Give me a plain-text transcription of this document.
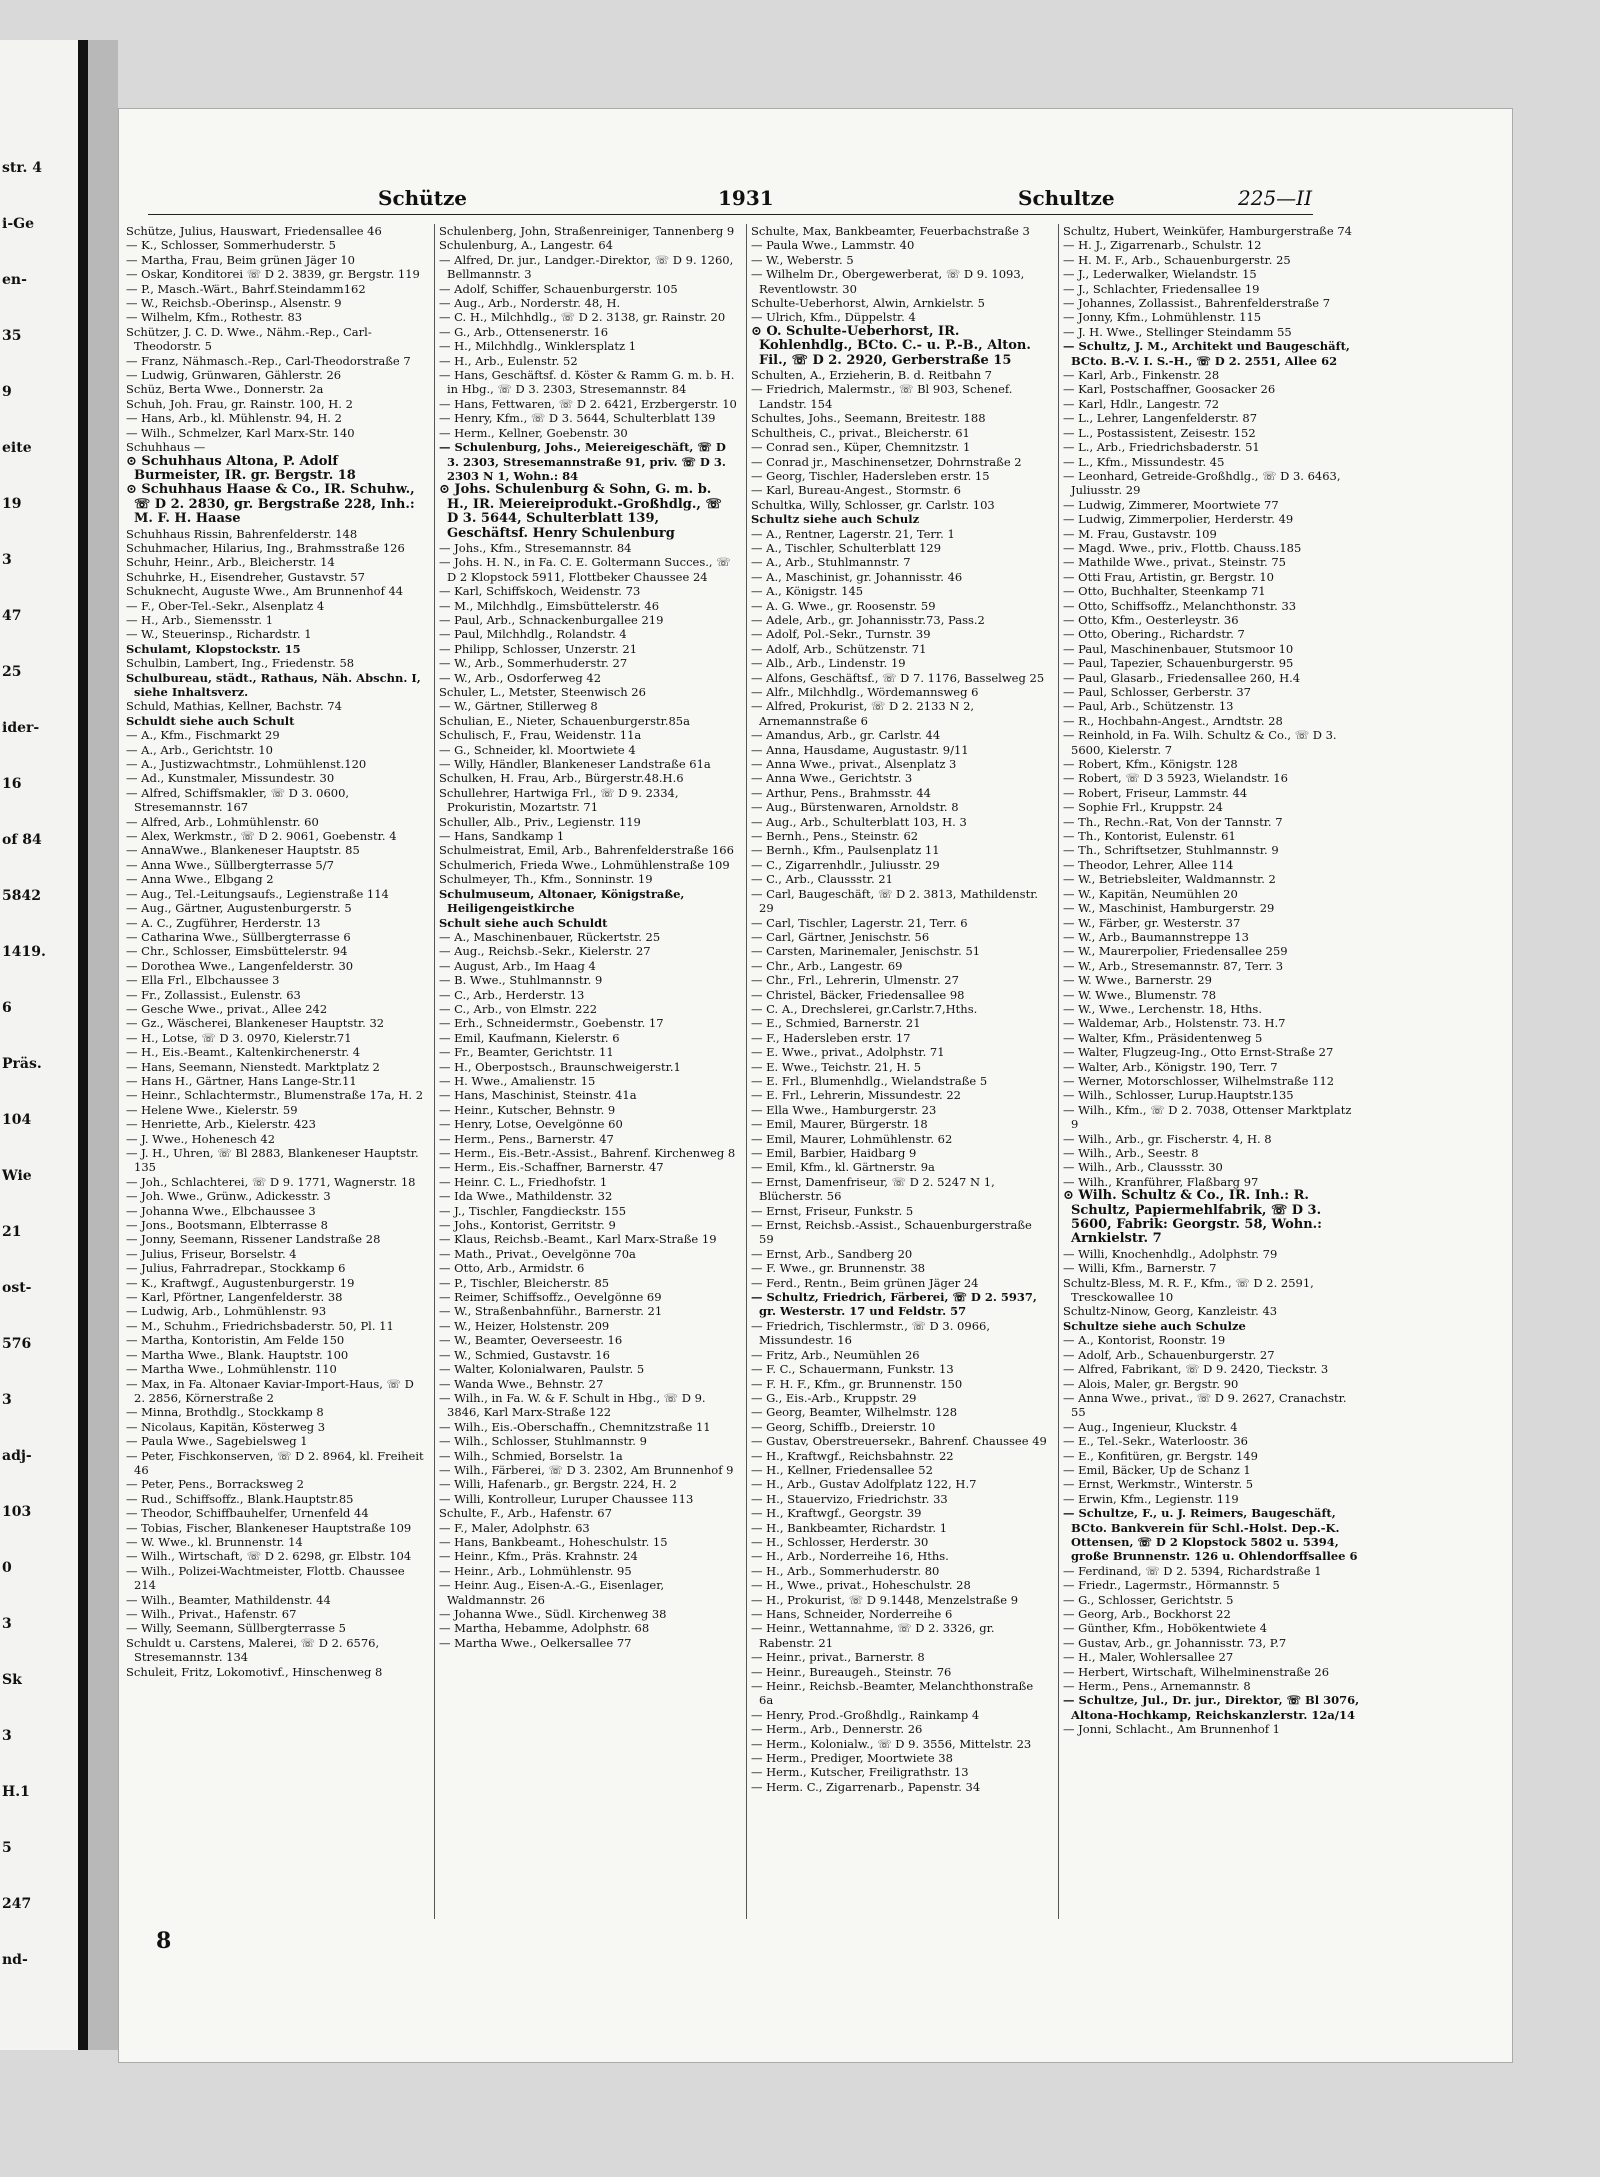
str. 4
i-Ge
en-
35
9
eite
19
3
47
25
ider-
16
of 84
5842
1419.
6
Präs.
104
Wie
21
ost-
576
3
adj-
103
0
3
Sk
3
H.1
5
247
nd-
Schütze	1931	Schultze	225—II

Schütze, Julius, Hauswart, Friedensallee 46

— K., Schlosser, Sommerhuderstr. 5

— Martha, Frau, Beim grünen Jäger 10

— Oskar, Konditorei ☏ D 2. 3839, gr. Bergstr. 119

— P., Masch.-Wärt., Bahrf.Steindamm162

— W., Reichsb.-Oberinsp., Alsenstr. 9

— Wilhelm, Kfm., Rothestr. 83

Schützer, J. C. D. Wwe., Nähm.-Rep., Carl-Theodorstr. 5

— Franz, Nähmasch.-Rep., Carl-Theodorstraße 7

— Ludwig, Grünwaren, Gählerstr. 26

Schüz, Berta Wwe., Donnerstr. 2a

Schuh, Joh. Frau, gr. Rainstr. 100, H. 2

— Hans, Arb., kl. Mühlenstr. 94, H. 2

— Wilh., Schmelzer, Karl Marx-Str. 140

Schuhhaus —

⊙ Schuhhaus Altona, P. Adolf Burmeister, IR. gr. Bergstr. 18

⊙ Schuhhaus Haase & Co., IR. Schuhw., ☏ D 2. 2830, gr. Bergstraße 228, Inh.: M. F. H. Haase

Schuhhaus Rissin, Bahrenfelderstr. 148

Schuhmacher, Hilarius, Ing., Brahmsstraße 126

Schuhr, Heinr., Arb., Bleicherstr. 14

Schuhrke, H., Eisendreher, Gustavstr. 57

Schuknecht, Auguste Wwe., Am Brunnenhof 44

— F., Ober-Tel.-Sekr., Alsenplatz 4

— H., Arb., Siemensstr. 1

— W., Steuerinsp., Richardstr. 1

Schulamt, Klopstockstr. 15

Schulbin, Lambert, Ing., Friedenstr. 58

Schulbureau, städt., Rathaus, Näh. Abschn. I, siehe Inhaltsverz.

Schuld, Mathias, Kellner, Bachstr. 74

Schuldt siehe auch Schult

— A., Kfm., Fischmarkt 29

— A., Arb., Gerichtstr. 10

— A., Justizwachtmstr., Lohmühlenst.120

— Ad., Kunstmaler, Missundestr. 30

— Alfred, Schiffsmakler, ☏ D 3. 0600, Stresemannstr. 167

— Alfred, Arb., Lohmühlenstr. 60

— Alex, Werkmstr., ☏ D 2. 9061, Goebenstr. 4

— AnnaWwe., Blankeneser Hauptstr. 85

— Anna Wwe., Süllbergterrasse 5/7

— Anna Wwe., Elbgang 2

— Aug., Tel.-Leitungsaufs., Legienstraße 114

— Aug., Gärtner, Augustenburgerstr. 5

— A. C., Zugführer, Herderstr. 13

— Catharina Wwe., Süllbergterrasse 6

— Chr., Schlosser, Eimsbüttelerstr. 94

— Dorothea Wwe., Langenfelderstr. 30

— Ella Frl., Elbchaussee 3

— Fr., Zollassist., Eulenstr. 63

— Gesche Wwe., privat., Allee 242

— Gz., Wäscherei, Blankeneser Hauptstr. 32

— H., Lotse, ☏ D 3. 0970, Kielerstr.71

— H., Eis.-Beamt., Kaltenkirchenerstr. 4

— Hans, Seemann, Nienstedt. Marktplatz 2

— Hans H., Gärtner, Hans Lange-Str.11

— Heinr., Schlachtermstr., Blumenstraße 17a, H. 2

— Helene Wwe., Kielerstr. 59

— Henriette, Arb., Kielerstr. 423

— J. Wwe., Hohenesch 42

— J. H., Uhren, ☏ Bl 2883, Blankeneser Hauptstr. 135

— Joh., Schlachterei, ☏ D 9. 1771, Wagnerstr. 18

— Joh. Wwe., Grünw., Adickesstr. 3

— Johanna Wwe., Elbchaussee 3

— Jons., Bootsmann, Elbterrasse 8

— Jonny, Seemann, Rissener Landstraße 28

— Julius, Friseur, Borselstr. 4

— Julius, Fahrradrepar., Stockkamp 6

— K., Kraftwgf., Augustenburgerstr. 19

— Karl, Pförtner, Langenfelderstr. 38

— Ludwig, Arb., Lohmühlenstr. 93

— M., Schuhm., Friedrichsbaderstr. 50, Pl. 11

— Martha, Kontoristin, Am Felde 150

— Martha Wwe., Blank. Hauptstr. 100

— Martha Wwe., Lohmühlenstr. 110

— Max, in Fa. Altonaer Kaviar-Import-Haus, ☏ D 2. 2856, Körnerstraße 2

— Minna, Brothdlg., Stockkamp 8

— Nicolaus, Kapitän, Kösterweg 3

— Paula Wwe., Sagebielsweg 1

— Peter, Fischkonserven, ☏ D 2. 8964, kl. Freiheit 46

— Peter, Pens., Borracksweg 2

— Rud., Schiffsoffz., Blank.Hauptstr.85

— Theodor, Schiffbauhelfer, Urnenfeld 44

— Tobias, Fischer, Blankeneser Hauptstraße 109

— W. Wwe., kl. Brunnenstr. 14

— Wilh., Wirtschaft, ☏ D 2. 6298, gr. Elbstr. 104

— Wilh., Polizei-Wachtmeister, Flottb. Chaussee 214

— Wilh., Beamter, Mathildenstr. 44

— Wilh., Privat., Hafenstr. 67

— Willy, Seemann, Süllbergterrasse 5

Schuldt u. Carstens, Malerei, ☏ D 2. 6576, Stresemannstr. 134

Schuleit, Fritz, Lokomotivf., Hinschenweg 8

Schulenberg, John, Straßenreiniger, Tannenberg 9

Schulenburg, A., Langestr. 64

— Alfred, Dr. jur., Landger.-Direktor, ☏ D 9. 1260, Bellmannstr. 3

— Adolf, Schiffer, Schauenburgerstr. 105

— Aug., Arb., Norderstr. 48, H.

— C. H., Milchhdlg., ☏ D 2. 3138, gr. Rainstr. 20

— G., Arb., Ottensenerstr. 16

— H., Milchhdlg., Winklersplatz 1

— H., Arb., Eulenstr. 52

— Hans, Geschäftsf. d. Köster & Ramm G. m. b. H. in Hbg., ☏ D 3. 2303, Stresemannstr. 84

— Hans, Fettwaren, ☏ D 2. 6421, Erzbergerstr. 10

— Henry, Kfm., ☏ D 3. 5644, Schulterblatt 139

— Herm., Kellner, Goebenstr. 30

— Schulenburg, Johs., Meiereigeschäft, ☏ D 3. 2303, Stresemannstraße 91, priv. ☏ D 3. 2303 N 1, Wohn.: 84

⊙ Johs. Schulenburg & Sohn, G. m. b. H., IR. Meiereiprodukt.-Großhdlg., ☏ D 3. 5644, Schulterblatt 139, Geschäftsf. Henry Schulenburg

— Johs., Kfm., Stresemannstr. 84

— Johs. H. N., in Fa. C. E. Goltermann Succes., ☏ D 2 Klopstock 5911, Flottbeker Chaussee 24

— Karl, Schiffskoch, Weidenstr. 73

— M., Milchhdlg., Eimsbüttelerstr. 46

— Paul, Arb., Schnackenburgallee 219

— Paul, Milchhdlg., Rolandstr. 4

— Philipp, Schlosser, Unzerstr. 21

— W., Arb., Sommerhuderstr. 27

— W., Arb., Osdorferweg 42

Schuler, L., Metster, Steenwisch 26

— W., Gärtner, Stillerweg 8

Schulian, E., Nieter, Schauenburgerstr.85a

Schulisch, F., Frau, Weidenstr. 11a

— G., Schneider, kl. Moortwiete 4

— Willy, Händler, Blankeneser Landstraße 61a

Schulken, H. Frau, Arb., Bürgerstr.48.H.6

Schullehrer, Hartwiga Frl., ☏ D 9. 2334, Prokuristin, Mozartstr. 71

Schuller, Alb., Priv., Legienstr. 119

— Hans, Sandkamp 1

Schulmeistrat, Emil, Arb., Bahrenfelderstraße 166

Schulmerich, Frieda Wwe., Lohmühlenstraße 109

Schulmeyer, Th., Kfm., Sonninstr. 19

Schulmuseum, Altonaer, Königstraße, Heiligengeistkirche

Schult siehe auch Schuldt

— A., Maschinenbauer, Rückertstr. 25

— Aug., Reichsb.-Sekr., Kielerstr. 27

— August, Arb., Im Haag 4

— B. Wwe., Stuhlmannstr. 9

— C., Arb., Herderstr. 13

— C., Arb., von Elmstr. 222

— Erh., Schneidermstr., Goebenstr. 17

— Emil, Kaufmann, Kielerstr. 6

— Fr., Beamter, Gerichtstr. 11

— H., Oberpostsch., Braunschweigerstr.1

— H. Wwe., Amalienstr. 15

— Hans, Maschinist, Steinstr. 41a

— Heinr., Kutscher, Behnstr. 9

— Henry, Lotse, Oevelgönne 60

— Herm., Pens., Barnerstr. 47

— Herm., Eis.-Betr.-Assist., Bahrenf. Kirchenweg 8

— Herm., Eis.-Schaffner, Barnerstr. 47

— Heinr. C. L., Friedhofstr. 1

— Ida Wwe., Mathildenstr. 32

— J., Tischler, Fangdieckstr. 155

— Johs., Kontorist, Gerritstr. 9

— Klaus, Reichsb.-Beamt., Karl Marx-Straße 19

— Math., Privat., Oevelgönne 70a

— Otto, Arb., Armidstr. 6

— P., Tischler, Bleicherstr. 85

— Reimer, Schiffsoffz., Oevelgönne 69

— W., Straßenbahnführ., Barnerstr. 21

— W., Heizer, Holstenstr. 209

— W., Beamter, Oeverseestr. 16

— W., Schmied, Gustavstr. 16

— Walter, Kolonialwaren, Paulstr. 5

— Wanda Wwe., Behnstr. 27

— Wilh., in Fa. W. & F. Schult in Hbg., ☏ D 9. 3846, Karl Marx-Straße 122

— Wilh., Eis.-Oberschaffn., Chemnitzstraße 11

— Wilh., Schlosser, Stuhlmannstr. 9

— Wilh., Schmied, Borselstr. 1a

— Wilh., Färberei, ☏ D 3. 2302, Am Brunnenhof 9

— Willi, Hafenarb., gr. Bergstr. 224, H. 2

— Willi, Kontrolleur, Luruper Chaussee 113

Schulte, F., Arb., Hafenstr. 67

— F., Maler, Adolphstr. 63

— Hans, Bankbeamt., Hoheschulstr. 15

— Heinr., Kfm., Präs. Krahnstr. 24

— Heinr., Arb., Lohmühlenstr. 95

— Heinr. Aug., Eisen-A.-G., Eisenlager, Waldmannstr. 26

— Johanna Wwe., Südl. Kirchenweg 38

— Martha, Hebamme, Adolphstr. 68

— Martha Wwe., Oelkersallee 77

Schulte, Max, Bankbeamter, Feuerbachstraße 3

— Paula Wwe., Lammstr. 40

— W., Weberstr. 5

— Wilhelm Dr., Obergewerberat, ☏ D 9. 1093, Reventlowstr. 30

Schulte-Ueberhorst, Alwin, Arnkielstr. 5

— Ulrich, Kfm., Düppelstr. 4

⊙ O. Schulte-Ueberhorst, IR. Kohlenhdlg., BCto. C.- u. P.-B., Alton. Fil., ☏ D 2. 2920, Gerberstraße 15

Schulten, A., Erzieherin, B. d. Reitbahn 7

— Friedrich, Malermstr., ☏ Bl 903, Schenef. Landstr. 154

Schultes, Johs., Seemann, Breitestr. 188

Schultheis, C., privat., Bleicherstr. 61

— Conrad sen., Küper, Chemnitzstr. 1

— Conrad jr., Maschinensetzer, Dohrnstraße 2

— Georg, Tischler, Hadersleben erstr. 15

— Karl, Bureau-Angest., Stormstr. 6

Schultka, Willy, Schlosser, gr. Carlstr. 103

Schultz siehe auch Schulz

— A., Rentner, Lagerstr. 21, Terr. 1

— A., Tischler, Schulterblatt 129

— A., Arb., Stuhlmannstr. 7

— A., Maschinist, gr. Johannisstr. 46

— A., Königstr. 145

— A. G. Wwe., gr. Roosenstr. 59

— Adele, Arb., gr. Johannisstr.73, Pass.2

— Adolf, Pol.-Sekr., Turnstr. 39

— Adolf, Arb., Schützenstr. 71

— Alb., Arb., Lindenstr. 19

— Alfons, Geschäftsf., ☏ D 7. 1176, Basselweg 25

— Alfr., Milchhdlg., Wördemannsweg 6

— Alfred, Prokurist, ☏ D 2. 2133 N 2, Arnemannstraße 6

— Amandus, Arb., gr. Carlstr. 44

— Anna, Hausdame, Augustastr. 9/11

— Anna Wwe., privat., Alsenplatz 3

— Anna Wwe., Gerichtstr. 3

— Arthur, Pens., Brahmsstr. 44

— Aug., Bürstenwaren, Arnoldstr. 8

— Aug., Arb., Schulterblatt 103, H. 3

— Bernh., Pens., Steinstr. 62

— Bernh., Kfm., Paulsenplatz 11

— C., Zigarrenhdlr., Juliusstr. 29

— C., Arb., Claussstr. 21

— Carl, Baugeschäft, ☏ D 2. 3813, Mathildenstr. 29

— Carl, Tischler, Lagerstr. 21, Terr. 6

— Carl, Gärtner, Jenischstr. 56

— Carsten, Marinemaler, Jenischstr. 51

— Chr., Arb., Langestr. 69

— Chr., Frl., Lehrerin, Ulmenstr. 27

— Christel, Bäcker, Friedensallee 98

— C. A., Drechslerei, gr.Carlstr.7,Hths.

— E., Schmied, Barnerstr. 21

— F., Hadersleben erstr. 17

— E. Wwe., privat., Adolphstr. 71

— E. Wwe., Teichstr. 21, H. 5

— E. Frl., Blumenhdlg., Wielandstraße 5

— E. Frl., Lehrerin, Missundestr. 22

— Ella Wwe., Hamburgerstr. 23

— Emil, Maurer, Bürgerstr. 18

— Emil, Maurer, Lohmühlenstr. 62

— Emil, Barbier, Haidbarg 9

— Emil, Kfm., kl. Gärtnerstr. 9a

— Ernst, Damenfriseur, ☏ D 2. 5247 N 1, Blücherstr. 56

— Ernst, Friseur, Funkstr. 5

— Ernst, Reichsb.-Assist., Schauenburgerstraße 59

— Ernst, Arb., Sandberg 20

— F. Wwe., gr. Brunnenstr. 38

— Ferd., Rentn., Beim grünen Jäger 24

— Schultz, Friedrich, Färberei, ☏ D 2. 5937, gr. Westerstr. 17 und Feldstr. 57

— Friedrich, Tischlermstr., ☏ D 3. 0966, Missundestr. 16

— Fritz, Arb., Neumühlen 26

— F. C., Schauermann, Funkstr. 13

— F. H. F., Kfm., gr. Brunnenstr. 150

— G., Eis.-Arb., Kruppstr. 29

— Georg, Beamter, Wilhelmstr. 128

— Georg, Schiffb., Dreierstr. 10

— Gustav, Oberstreuersekr., Bahrenf. Chaussee 49

— H., Kraftwgf., Reichsbahnstr. 22

— H., Kellner, Friedensallee 52

— H., Arb., Gustav Adolfplatz 122, H.7

— H., Stauervizo, Friedrichstr. 33

— H., Kraftwgf., Georgstr. 39

— H., Bankbeamter, Richardstr. 1

— H., Schlosser, Herderstr. 30

— H., Arb., Norderreihe 16, Hths.

— H., Arb., Sommerhuderstr. 80

— H., Wwe., privat., Hoheschulstr. 28

— H., Prokurist, ☏ D 9.1448, Menzelstraße 9

— Hans, Schneider, Norderreihe 6

— Heinr., Wettannahme, ☏ D 2. 3326, gr. Rabenstr. 21

— Heinr., privat., Barnerstr. 8

— Heinr., Bureaugeh., Steinstr. 76

— Heinr., Reichsb.-Beamter, Melanchthonstraße 6a

— Henry, Prod.-Großhdlg., Rainkamp 4

— Herm., Arb., Dennerstr. 26

— Herm., Kolonialw., ☏ D 9. 3556, Mittelstr. 23

— Herm., Prediger, Moortwiete 38

— Herm., Kutscher, Freiligrathstr. 13

— Herm. C., Zigarrenarb., Papenstr. 34

Schultz, Hubert, Weinküfer, Hamburgerstraße 74

— H. J., Zigarrenarb., Schulstr. 12

— H. M. F., Arb., Schauenburgerstr. 25

— J., Lederwalker, Wielandstr. 15

— J., Schlachter, Friedensallee 19

— Johannes, Zollassist., Bahrenfelderstraße 7

— Jonny, Kfm., Lohmühlenstr. 115

— J. H. Wwe., Stellinger Steindamm 55

— Schultz, J. M., Architekt und Baugeschäft, BCto. B.-V. I. S.-H., ☏ D 2. 2551, Allee 62

— Karl, Arb., Finkenstr. 28

— Karl, Postschaffner, Goosacker 26

— Karl, Hdlr., Langestr. 72

— L., Lehrer, Langenfelderstr. 87

— L., Postassistent, Zeisestr. 152

— L., Arb., Friedrichsbaderstr. 51

— L., Kfm., Missundestr. 45

— Leonhard, Getreide-Großhdlg., ☏ D 3. 6463, Juliusstr. 29

— Ludwig, Zimmerer, Moortwiete 77

— Ludwig, Zimmerpolier, Herderstr. 49

— M. Frau, Gustavstr. 109

— Magd. Wwe., priv., Flottb. Chauss.185

— Mathilde Wwe., privat., Steinstr. 75

— Otti Frau, Artistin, gr. Bergstr. 10

— Otto, Buchhalter, Steenkamp 71

— Otto, Schiffsoffz., Melanchthonstr. 33

— Otto, Kfm., Oesterleystr. 36

— Otto, Obering., Richardstr. 7

— Paul, Maschinenbauer, Stutsmoor 10

— Paul, Tapezier, Schauenburgerstr. 95

— Paul, Glasarb., Friedensallee 260, H.4

— Paul, Schlosser, Gerberstr. 37

— Paul, Arb., Schützenstr. 13

— R., Hochbahn-Angest., Arndtstr. 28

— Reinhold, in Fa. Wilh. Schultz & Co., ☏ D 3. 5600, Kielerstr. 7

— Robert, Kfm., Königstr. 128

— Robert, ☏ D 3 5923, Wielandstr. 16

— Robert, Friseur, Lammstr. 44

— Sophie Frl., Kruppstr. 24

— Th., Rechn.-Rat, Von der Tannstr. 7

— Th., Kontorist, Eulenstr. 61

— Th., Schriftsetzer, Stuhlmannstr. 9

— Theodor, Lehrer, Allee 114

— W., Betriebsleiter, Waldmannstr. 2

— W., Kapitän, Neumühlen 20

— W., Maschinist, Hamburgerstr. 29

— W., Färber, gr. Westerstr. 37

— W., Arb., Baumannstreppe 13

— W., Maurerpolier, Friedensallee 259

— W., Arb., Stresemannstr. 87, Terr. 3

— W. Wwe., Barnerstr. 29

— W. Wwe., Blumenstr. 78

— W., Wwe., Lerchenstr. 18, Hths.

— Waldemar, Arb., Holstenstr. 73. H.7

— Walter, Kfm., Präsidentenweg 5

— Walter, Flugzeug-Ing., Otto Ernst-Straße 27

— Walter, Arb., Königstr. 190, Terr. 7

— Werner, Motorschlosser, Wilhelmstraße 112

— Wilh., Schlosser, Lurup.Hauptstr.135

— Wilh., Kfm., ☏ D 2. 7038, Ottenser Marktplatz 9

— Wilh., Arb., gr. Fischerstr. 4, H. 8

— Wilh., Arb., Seestr. 8

— Wilh., Arb., Claussstr. 30

— Wilh., Kranführer, Flaßbarg 97

⊙ Wilh. Schultz & Co., IR. Inh.: R. Schultz, Papiermehlfabrik, ☏ D 3. 5600, Fabrik: Georgstr. 58, Wohn.: Arnkielstr. 7

— Willi, Knochenhdlg., Adolphstr. 79

— Willi, Kfm., Barnerstr. 7

Schultz-Bless, M. R. F., Kfm., ☏ D 2. 2591, Tresckowallee 10

Schultz-Ninow, Georg, Kanzleistr. 43

Schultze siehe auch Schulze

— A., Kontorist, Roonstr. 19

— Adolf, Arb., Schauenburgerstr. 27

— Alfred, Fabrikant, ☏ D 9. 2420, Tieckstr. 3

— Alois, Maler, gr. Bergstr. 90

— Anna Wwe., privat., ☏ D 9. 2627, Cranachstr. 55

— Aug., Ingenieur, Kluckstr. 4

— E., Tel.-Sekr., Waterloostr. 36

— E., Konfitüren, gr. Bergstr. 149

— Emil, Bäcker, Up de Schanz 1

— Ernst, Werkmstr., Winterstr. 5

— Erwin, Kfm., Legienstr. 119

— Schultze, F., u. J. Reimers, Baugeschäft, BCto. Bankverein für Schl.-Holst. Dep.-K. Ottensen, ☏ D 2 Klopstock 5802 u. 5394, große Brunnenstr. 126 u. Ohlendorffsallee 6

— Ferdinand, ☏ D 2. 5394, Richardstraße 1

— Friedr., Lagermstr., Hörmannstr. 5

— G., Schlosser, Gerichtstr. 5

— Georg, Arb., Bockhorst 22

— Günther, Kfm., Hobökentwiete 4

— Gustav, Arb., gr. Johannisstr. 73, P.7

— H., Maler, Wohlersallee 27

— Herbert, Wirtschaft, Wilhelminenstraße 26

— Herm., Pens., Arnemannstr. 8

— Schultze, Jul., Dr. jur., Direktor, ☏ Bl 3076, Altona-Hochkamp, Reichskanzlerstr. 12a/14

— Jonni, Schlacht., Am Brunnenhof 1

8
